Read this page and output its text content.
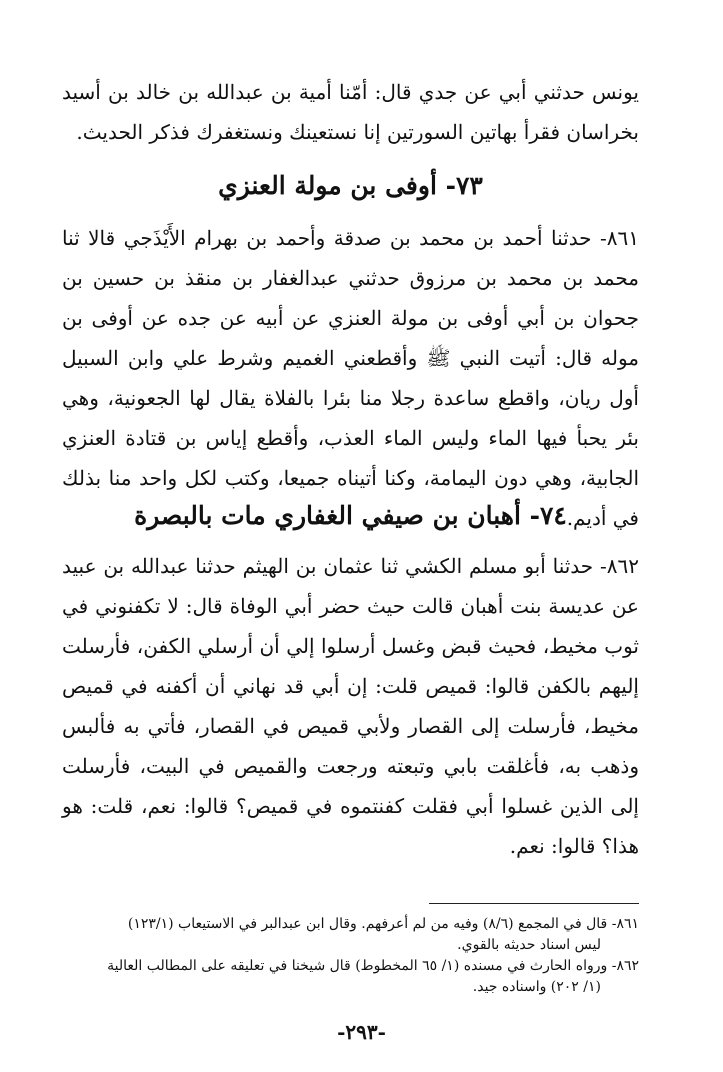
يونس حدثني أبي عن جدي قال: أمّنا أمية بن عبدالله بن خالد بن أسيد بخراسان فقرأ بهاتين السورتين إنا نستعينك ونستغفرك فذكر الحديث.

٧٣- أوفى بن مولة العنزي

٨٦١- حدثنا أحمد بن محمد بن صدقة وأحمد بن بهرام الأَيْذَجي قالا ثنا محمد بن محمد بن مرزوق حدثني عبدالغفار بن منقذ بن حسين بن جحوان بن أبي أوفى بن مولة العنزي عن أبيه عن جده عن أوفى بن موله قال: أتيت النبي ﷺ وأقطعني الغميم وشرط علي وابن السبيل أول ريان، واقطع ساعدة رجلا منا بئرا بالفلاة يقال لها الجعونية، وهي بئر يحبأ فيها الماء وليس الماء العذب، وأقطع إياس بن قتادة العنزي الجابية، وهي دون اليمامة، وكنا أتيناه جميعا، وكتب لكل واحد منا بذلك في أديم.

٧٤- أهبان بن صيفي الغفاري مات بالبصرة

٨٦٢- حدثنا أبو مسلم الكشي ثنا عثمان بن الهيثم حدثنا عبدالله بن عبيد عن عديسة بنت أهبان قالت حيث حضر أبي الوفاة قال: لا تكفنوني في ثوب مخيط، فحيث قبض وغسل أرسلوا إلي أن أرسلي الكفن، فأرسلت إليهم بالكفن قالوا: قميص قلت: إن أبي قد نهاني أن أكفنه في قميص مخيط، فأرسلت إلى القصار ولأبي قميص في القصار، فأتي به فألبس وذهب به، فأغلقت بابي وتبعته ورجعت والقميص في البيت، فأرسلت إلى الذين غسلوا أبي فقلت كفنتموه في قميص؟ قالوا: نعم، قلت: هو هذا؟ قالوا: نعم.

٨٦١- قال في المجمع (٨/٦) وفيه من لم أعرفهم. وقال ابن عبدالبر في الاستيعاب (١٢٣/١)
ليس اسناد حديثه بالقوي.
٨٦٢- ورواه الحارث في مسنده (١/ ٦٥ المخطوط) قال شيخنا في تعليقه على المطالب العالية
(١/ ٢٠٢) واسناده جيد.
-٢٩٣-
